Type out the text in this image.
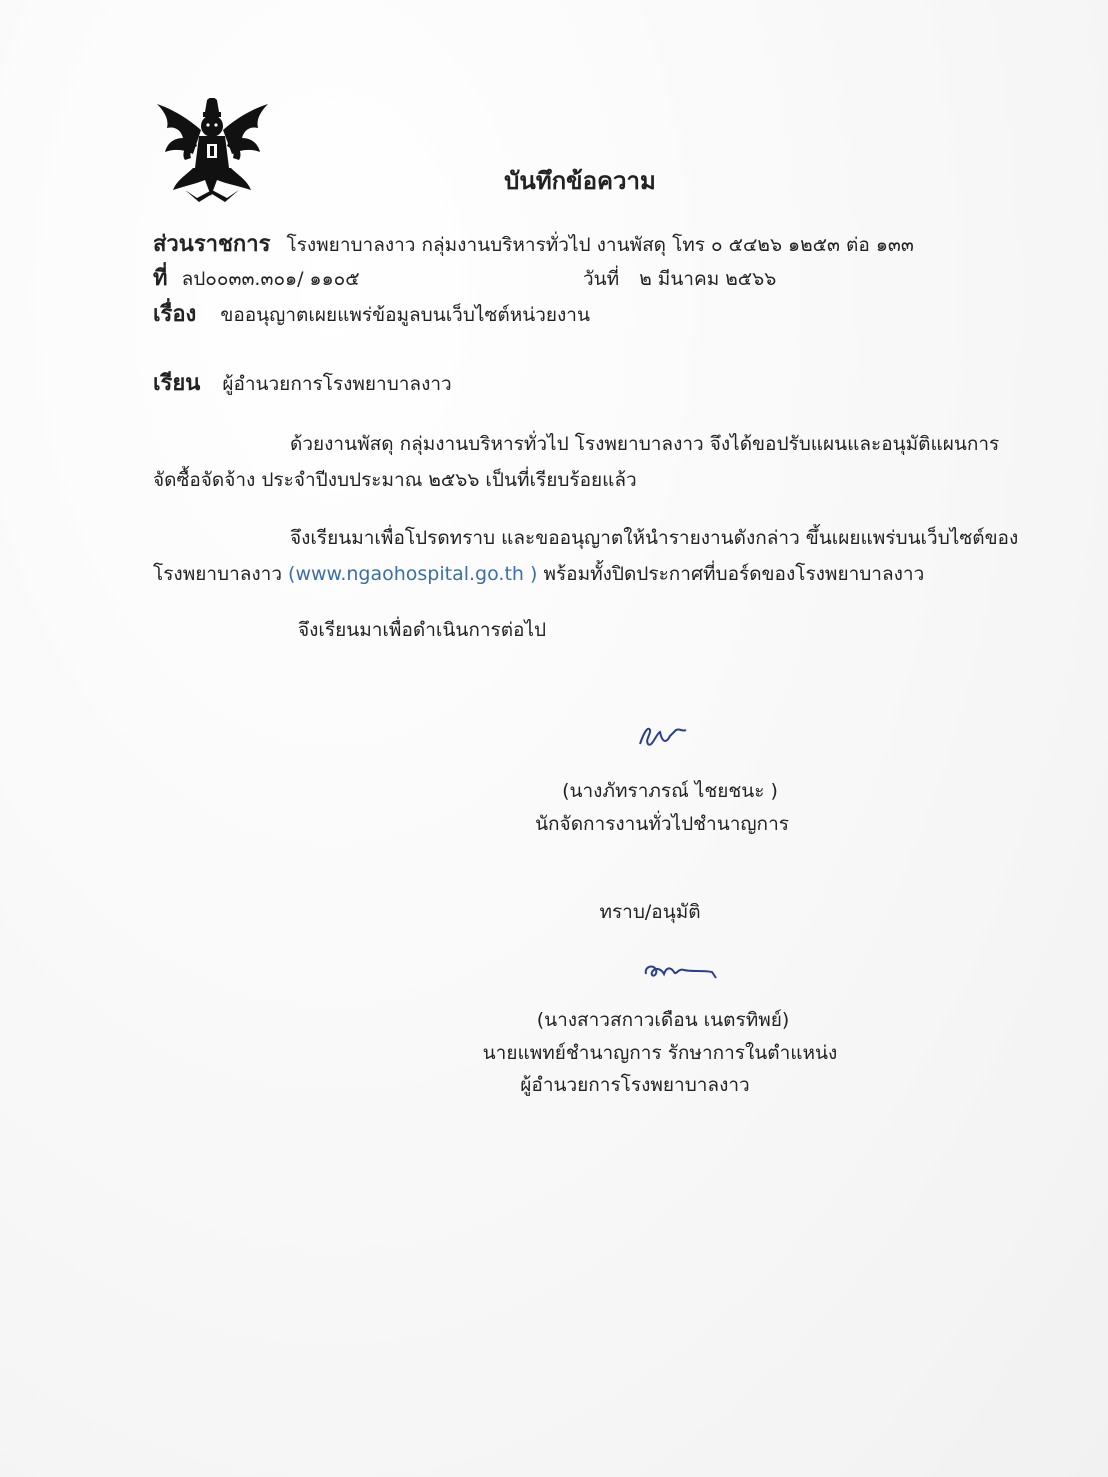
บันทึกข้อความ
ส่วนราชการ โรงพยาบาลงาว กลุ่มงานบริหารทั่วไป งานพัสดุ โทร ๐ ๕๔๒๖ ๑๒๕๓ ต่อ ๑๓๓
ที่ ลป๐๐๓๓.๓๐๑/ ๑๑๐๕	วันที่ ๒ มีนาคม ๒๕๖๖
เรื่อง ขออนุญาตเผยแพร่ข้อมูลบนเว็บไซต์หน่วยงาน
เรียน ผู้อำนวยการโรงพยาบาลงาว
ด้วยงานพัสดุ กลุ่มงานบริหารทั่วไป โรงพยาบาลงาว จึงได้ขอปรับแผนและอนุมัติแผนการ
จัดซื้อจัดจ้าง ประจำปีงบประมาณ ๒๕๖๖ เป็นที่เรียบร้อยแล้ว
จึงเรียนมาเพื่อโปรดทราบ และขออนุญาตให้นำรายงานดังกล่าว ขึ้นเผยแพร่บนเว็บไซต์ของ
โรงพยาบาลงาว (www.ngaohospital.go.th ) พร้อมทั้งปิดประกาศที่บอร์ดของโรงพยาบาลงาว
จึงเรียนมาเพื่อดำเนินการต่อไป
(นางภัทราภรณ์ ไชยชนะ )
นักจัดการงานทั่วไปชำนาญการ
ทราบ/อนุมัติ
(นางสาวสกาวเดือน เนตรทิพย์)
นายแพทย์ชำนาญการ รักษาการในตำแหน่ง
ผู้อำนวยการโรงพยาบาลงาว
